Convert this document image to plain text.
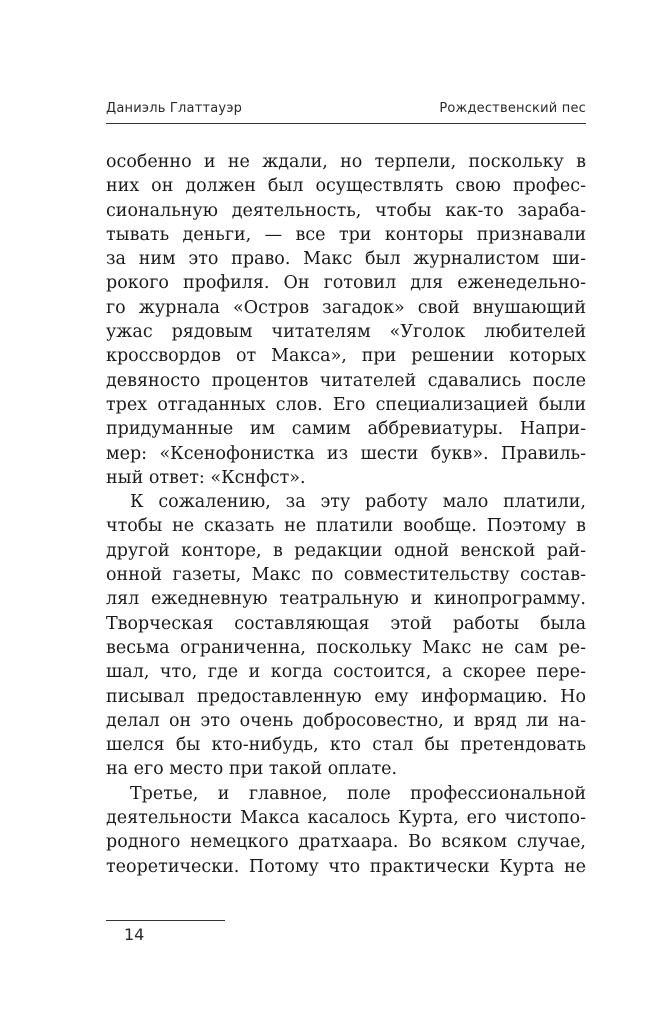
Даниэль Глаттауэр	Рождественский пес
особенно и не ждали, но терпели, поскольку в
них он должен был осуществлять свою профес-
сиональную деятельность, чтобы как-то зараба-
тывать деньги, — все три конторы признавали
за ним это право. Макс был журналистом ши-
рокого профиля. Он готовил для еженедельно-
го журнала «Остров загадок» свой внушающий
ужас рядовым читателям «Уголок любителей
кроссвордов от Макса», при решении которых
девяносто процентов читателей сдавались после
трех отгаданных слов. Его специализацией были
придуманные им самим аббревиатуры. Напри-
мер: «Ксенофонистка из шести букв». Правиль-
ный ответ: «Кснфст».
К сожалению, за эту работу мало платили,
чтобы не сказать не платили вообще. Поэтому в
другой конторе, в редакции одной венской рай-
онной газеты, Макс по совместительству состав-
лял ежедневную театральную и кинопрограмму.
Творческая составляющая этой работы была
весьма ограниченна, поскольку Макс не сам ре-
шал, что, где и когда состоится, а скорее пере-
писывал предоставленную ему информацию. Но
делал он это очень добросовестно, и вряд ли на-
шелся бы кто-нибудь, кто стал бы претендовать
на его место при такой оплате.
Третье, и главное, поле профессиональной
деятельности Макса касалось Курта, его чистопо-
родного немецкого дратхаара. Во всяком случае,
теоретически. Потому что практически Курта не
14
